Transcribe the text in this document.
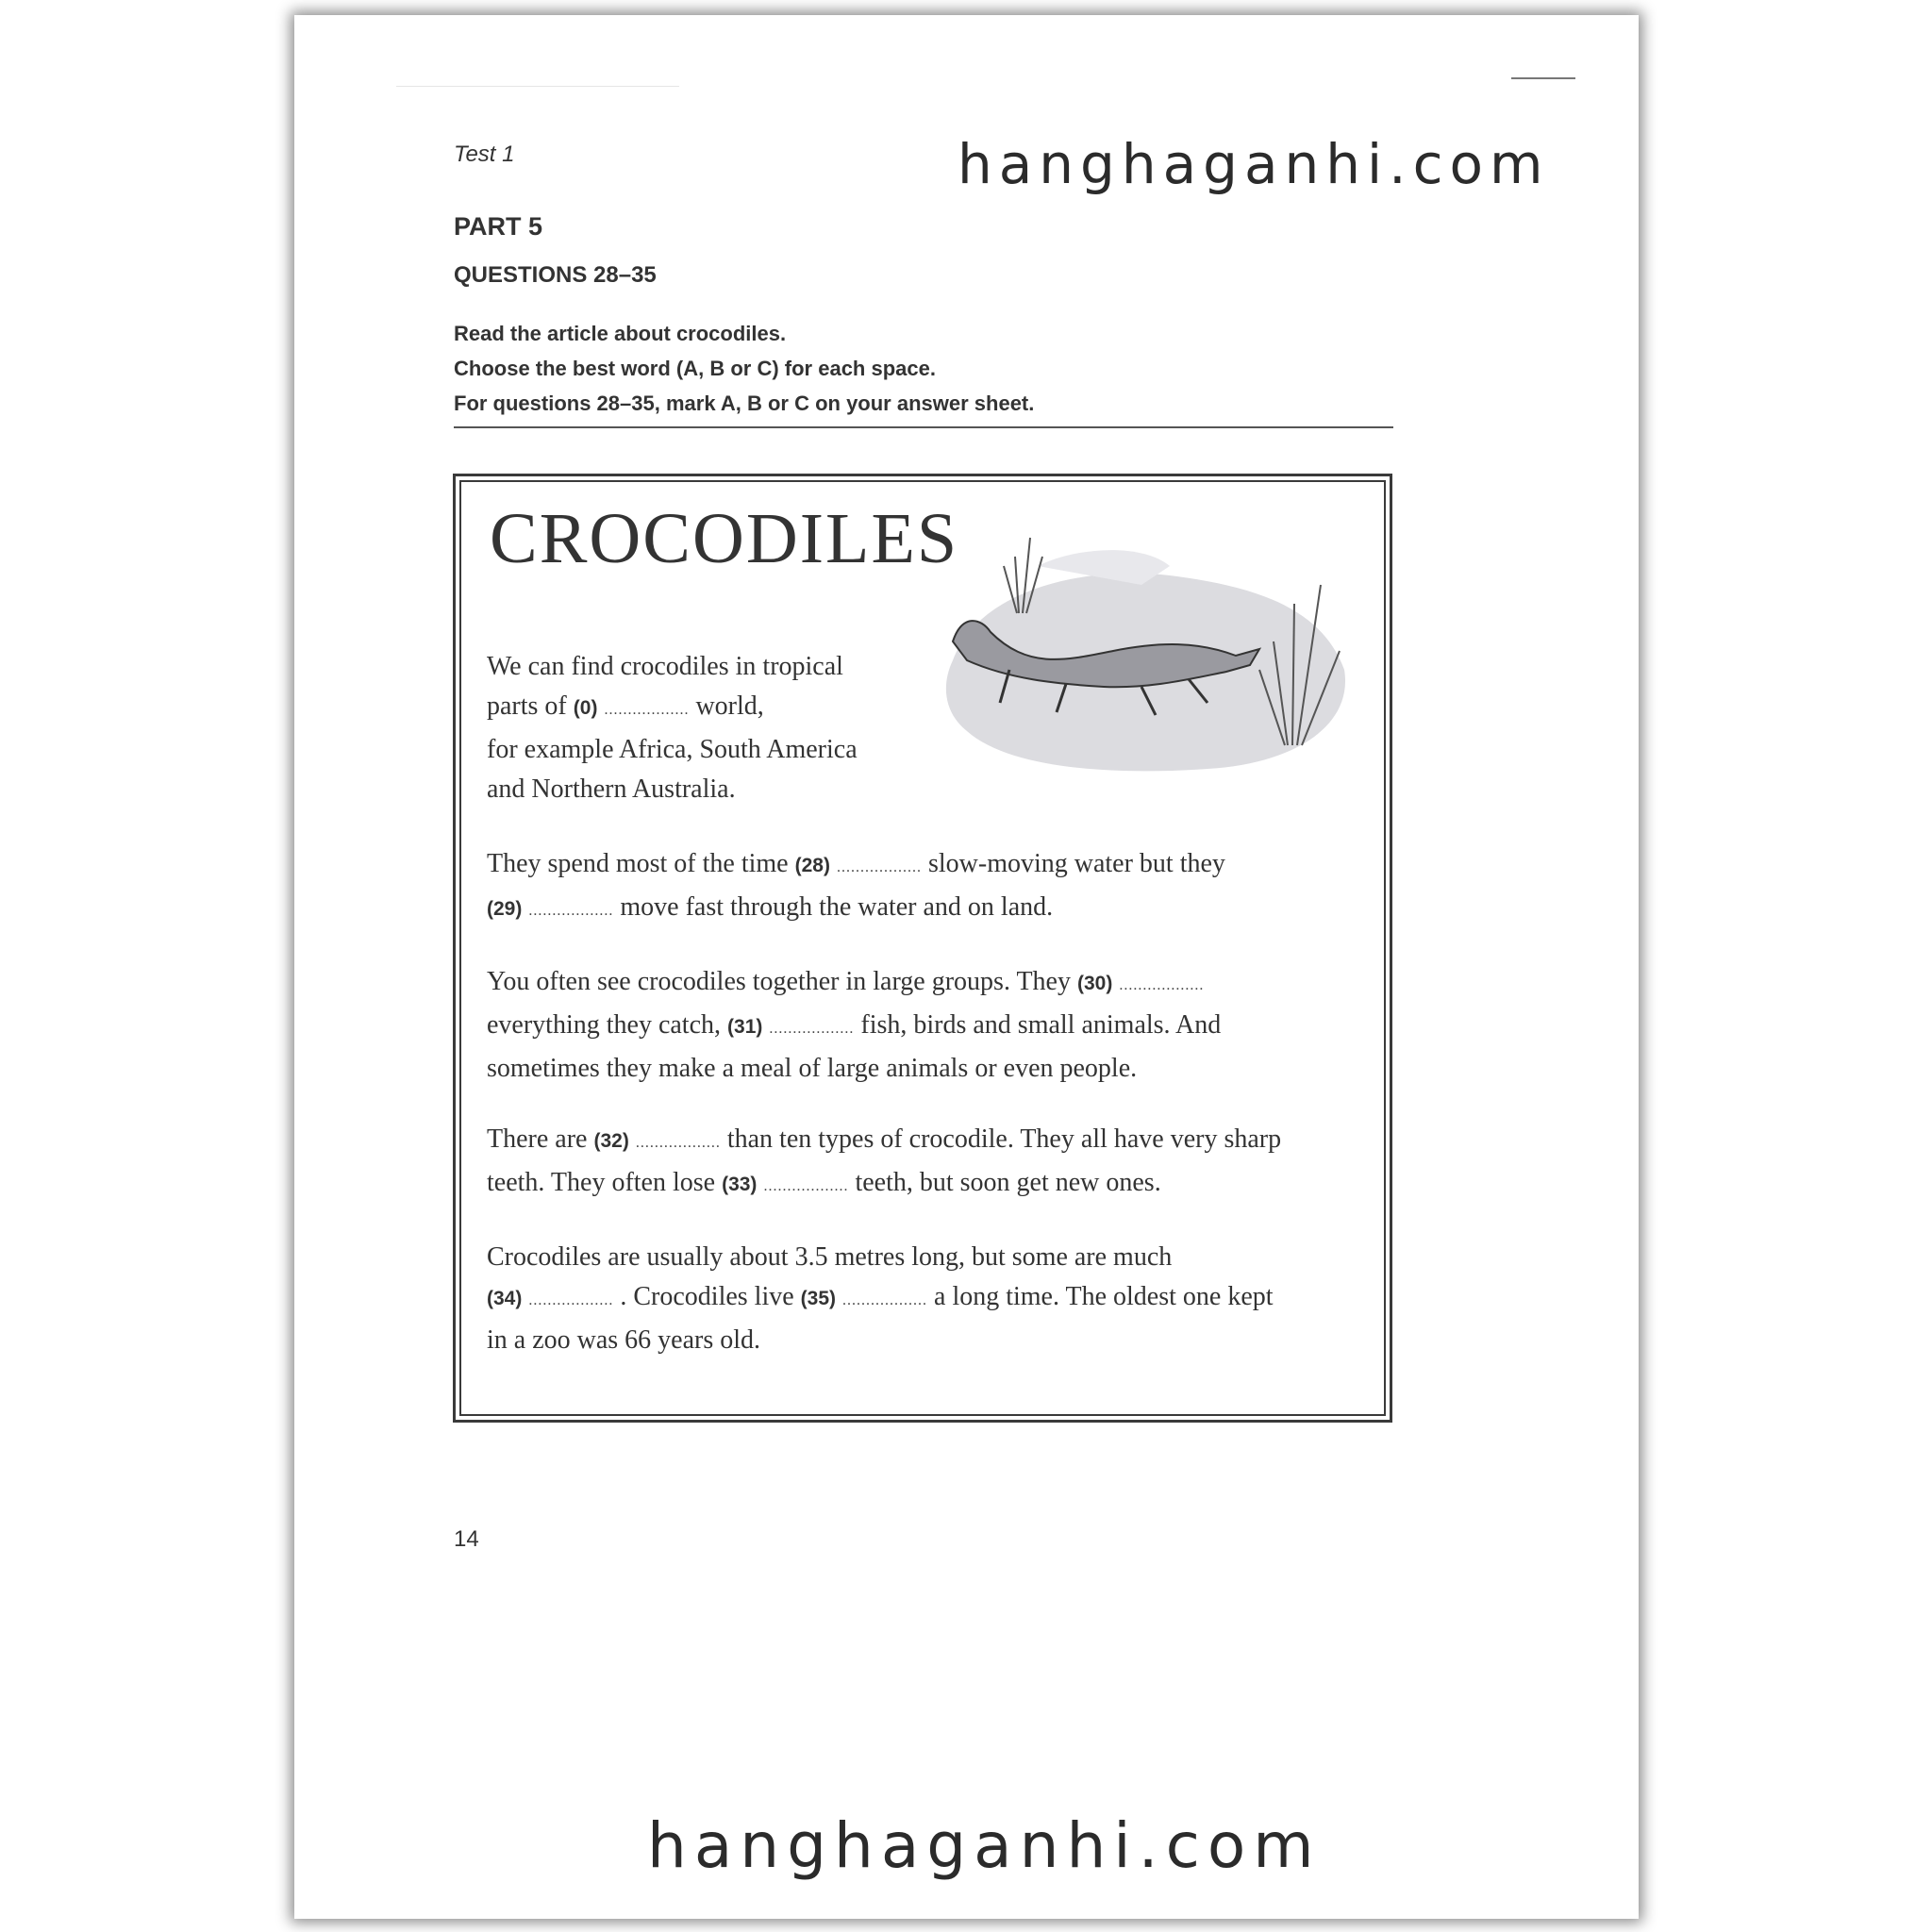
hanghaganhi.com
Test 1
PART 5
QUESTIONS 28–35
Read the article about crocodiles.
Choose the best word (A, B or C) for each space.
For questions 28–35, mark A, B or C on your answer sheet.
CROCODILES
We can find crocodiles in tropical
parts of (0) .................. world,
for example Africa, South America
and Northern Australia.
They spend most of the time (28) .................. slow-moving water but they
(29) .................. move fast through the water and on land.
You often see crocodiles together in large groups. They (30) ..................
everything they catch, (31) .................. fish, birds and small animals. And
sometimes they make a meal of large animals or even people.
There are (32) .................. than ten types of crocodile. They all have very sharp
teeth. They often lose (33) .................. teeth, but soon get new ones.
Crocodiles are usually about 3.5 metres long, but some are much
(34) .................. . Crocodiles live (35) .................. a long time. The oldest one kept
in a zoo was 66 years old.
14
hanghaganhi.com
